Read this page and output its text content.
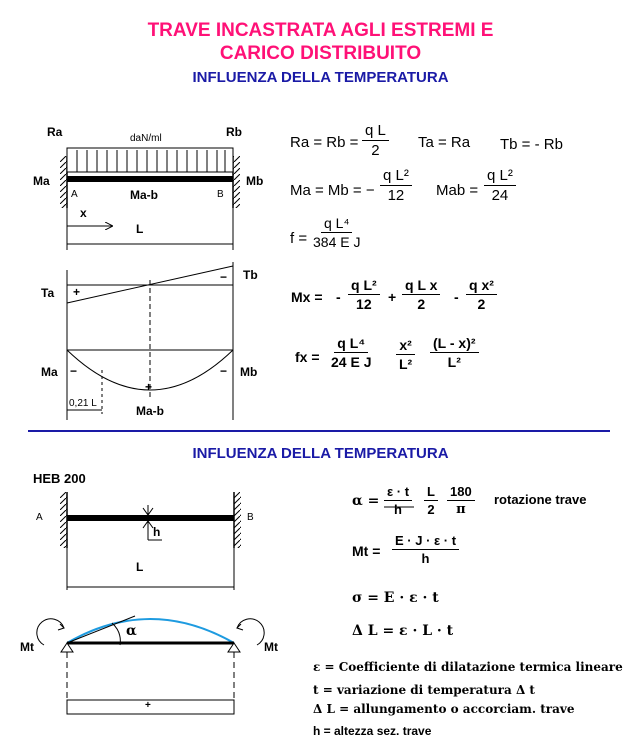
TRAVE INCASTRATA AGLI ESTREMI E
CARICO DISTRIBUITO
INFLUENZA DELLA TEMPERATURA
Ra	Rb
daN/ml
Ma	Mb
A	B
Ma-b
x
L
Ta
Tb
+
−
Ma	Mb
−	−
+
Ma-b
0,21 L
$Ra = Rb = \frac{\text{q L}}{2}$ Ta = Ra Tb = - Rb
Ma = Mb = − $\frac{\text{q L²}}{12}$ Mab = $\frac{\text{q L²}}{24}$
$f = \frac{\text{q L⁴}}{\text{384 E J}}$
Mx = - $\frac{\text{q L²}}{12} + \frac{\text{q L x}}{2} - \frac{\text{q x²}}{2}$
fx = $\frac{\text{q L⁴}}{\text{24 E J}} \frac{\text{x²}}{\text{L²}} \frac{\text{(L - x)²}}{\text{L²}}$
INFLUENZA DELLA TEMPERATURA
HEB 200
A	B
h
L
Mt	Mt
α
+
$\alpha = \frac{\varepsilon \cdot t}{h} \frac{L}{2} \frac{180}{\pi}$ rotazione trave
$Mt = \frac{E \cdot J \cdot \varepsilon \cdot t}{h}$
σ = E · ε · t
Δ L = ε · L · t
ε = Coefficiente di dilatazione termica lineare
t = variazione di temperatura Δ t
Δ L = allungamento o accorciam. trave
h = altezza sez. trave
